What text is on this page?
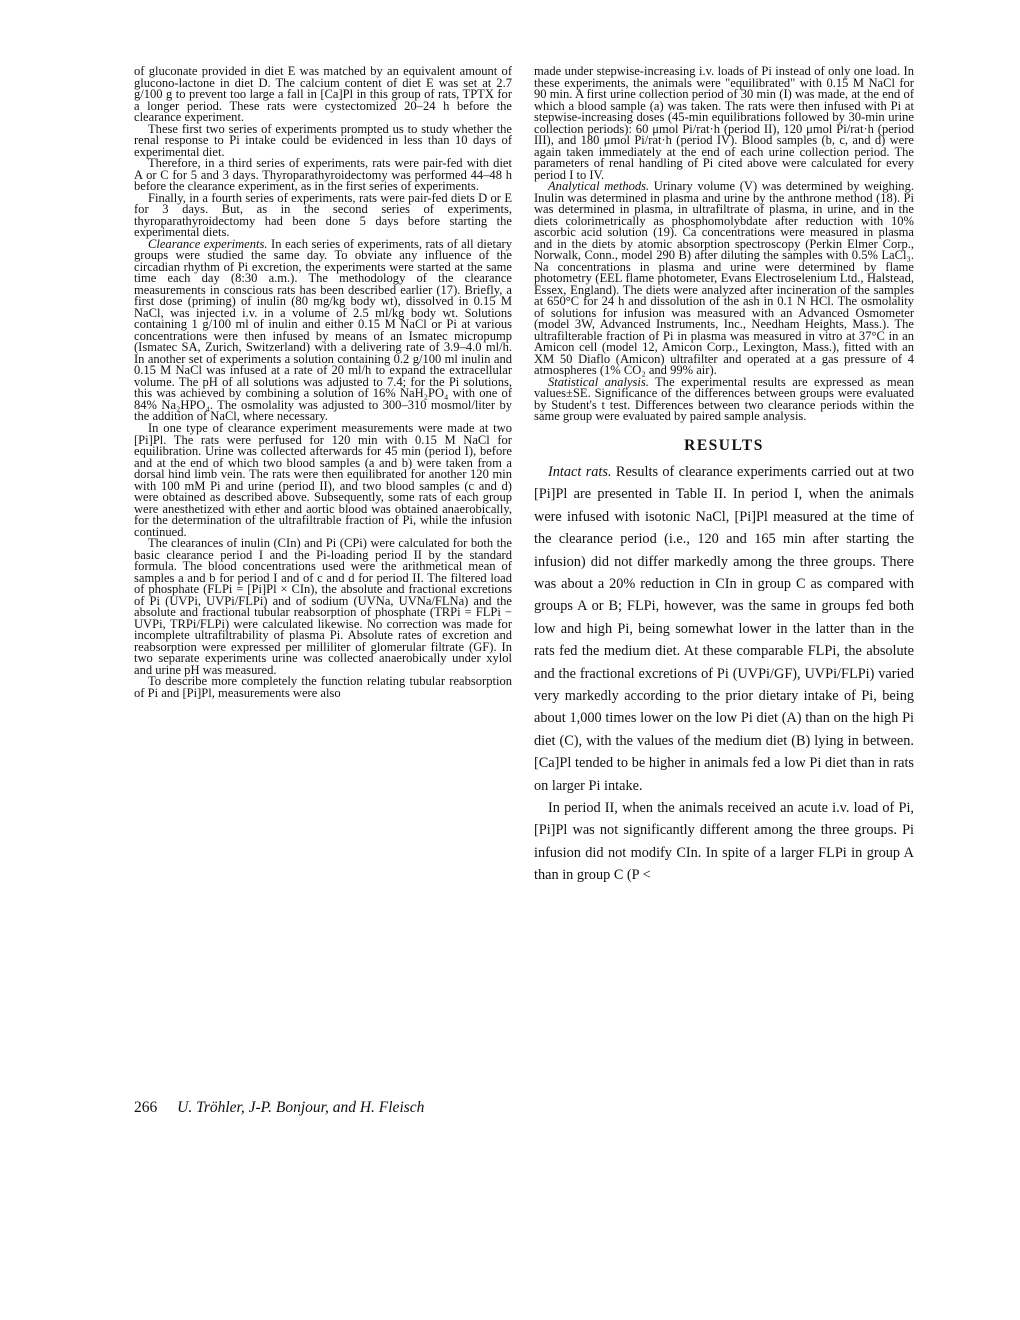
of gluconate provided in diet E was matched by an equivalent amount of glucono-lactone in diet D. The calcium content of diet E was set at 2.7 g/100 g to prevent too large a fall in [Ca]Pl in this group of rats, TPTX for a longer period. These rats were cystectomized 20–24 h before the clearance experiment.

These first two series of experiments prompted us to study whether the renal response to Pi intake could be evidenced in less than 10 days of experimental diet.

Therefore, in a third series of experiments, rats were pair-fed with diet A or C for 5 and 3 days. Thyroparathyroidectomy was performed 44–48 h before the clearance experiment, as in the first series of experiments.

Finally, in a fourth series of experiments, rats were pair-fed diets D or E for 3 days. But, as in the second series of experiments, thyroparathyroidectomy had been done 5 days before starting the experimental diets.

Clearance experiments. In each series of experiments, rats of all dietary groups were studied the same day. To obviate any influence of the circadian rhythm of Pi excretion, the experiments were started at the same time each day (8:30 a.m.). The methodology of the clearance measurements in conscious rats has been described earlier (17). Briefly, a first dose (priming) of inulin (80 mg/kg body wt), dissolved in 0.15 M NaCl, was injected i.v. in a volume of 2.5 ml/kg body wt. Solutions containing 1 g/100 ml of inulin and either 0.15 M NaCl or Pi at various concentrations were then infused by means of an Ismatec micropump (Ismatec SA, Zurich, Switzerland) with a delivering rate of 3.9–4.0 ml/h. In another set of experiments a solution containing 0.2 g/100 ml inulin and 0.15 M NaCl was infused at a rate of 20 ml/h to expand the extracellular volume. The pH of all solutions was adjusted to 7.4; for the Pi solutions, this was achieved by combining a solution of 16% NaH₂PO₄ with one of 84% Na₂HPO₄. The osmolality was adjusted to 300–310 mosmol/liter by the addition of NaCl, where necessary.

In one type of clearance experiment measurements were made at two [Pi]Pl. The rats were perfused for 120 min with 0.15 M NaCl for equilibration. Urine was collected afterwards for 45 min (period I), before and at the end of which two blood samples (a and b) were taken from a dorsal hind limb vein. The rats were then equilibrated for another 120 min with 100 mM Pi and urine (period II), and two blood samples (c and d) were obtained as described above. Subsequently, some rats of each group were anesthetized with ether and aortic blood was obtained anaerobically, for the determination of the ultrafiltrable fraction of Pi, while the infusion continued.

The clearances of inulin (CIn) and Pi (CPi) were calculated for both the basic clearance period I and the Pi-loading period II by the standard formula. The blood concentrations used were the arithmetical mean of samples a and b for period I and of c and d for period II. The filtered load of phosphate (FLPi = [Pi]Pl × CIn), the absolute and fractional excretions of Pi (UVPi, UVPi/FLPi) and of sodium (UVNa, UVNa/FLNa) and the absolute and fractional tubular reabsorption of phosphate (TRPi = FLPi − UVPi, TRPi/FLPi) were calculated likewise. No correction was made for incomplete ultrafiltrability of plasma Pi. Absolute rates of excretion and reabsorption were expressed per milliliter of glomerular filtrate (GF). In two separate experiments urine was collected anaerobically under xylol and urine pH was measured.

To describe more completely the function relating tubular reabsorption of Pi and [Pi]Pl, measurements were also

made under stepwise-increasing i.v. loads of Pi instead of only one load. In these experiments, the animals were "equilibrated" with 0.15 M NaCl for 90 min. A first urine collection period of 30 min (I) was made, at the end of which a blood sample (a) was taken. The rats were then infused with Pi at stepwise-increasing doses (45-min equilibrations followed by 30-min urine collection periods): 60 μmol Pi/rat·h (period II), 120 μmol Pi/rat·h (period III), and 180 μmol Pi/rat·h (period IV). Blood samples (b, c, and d) were again taken immediately at the end of each urine collection period. The parameters of renal handling of Pi cited above were calculated for every period I to IV.

Analytical methods. Urinary volume (V) was determined by weighing. Inulin was determined in plasma and urine by the anthrone method (18). Pi was determined in plasma, in ultrafiltrate of plasma, in urine, and in the diets colorimetrically as phosphomolybdate after reduction with 10% ascorbic acid solution (19). Ca concentrations were measured in plasma and in the diets by atomic absorption spectroscopy (Perkin Elmer Corp., Norwalk, Conn., model 290 B) after diluting the samples with 0.5% LaCl₃. Na concentrations in plasma and urine were determined by flame photometry (EEL flame photometer, Evans Electroselenium Ltd., Halstead, Essex, England). The diets were analyzed after incineration of the samples at 650°C for 24 h and dissolution of the ash in 0.1 N HCl. The osmolality of solutions for infusion was measured with an Advanced Osmometer (model 3W, Advanced Instruments, Inc., Needham Heights, Mass.). The ultrafilterable fraction of Pi in plasma was measured in vitro at 37°C in an Amicon cell (model 12, Amicon Corp., Lexington, Mass.), fitted with an XM 50 Diaflo (Amicon) ultrafilter and operated at a gas pressure of 4 atmospheres (1% CO₂ and 99% air).

Statistical analysis. The experimental results are expressed as mean values±SE. Significance of the differences between groups were evaluated by Student's t test. Differences between two clearance periods within the same group were evaluated by paired sample analysis.

RESULTS

Intact rats. Results of clearance experiments carried out at two [Pi]Pl are presented in Table II. In period I, when the animals were infused with isotonic NaCl, [Pi]Pl measured at the time of the clearance period (i.e., 120 and 165 min after starting the infusion) did not differ markedly among the three groups. There was about a 20% reduction in CIn in group C as compared with groups A or B; FLPi, however, was the same in groups fed both low and high Pi, being somewhat lower in the latter than in the rats fed the medium diet. At these comparable FLPi, the absolute and the fractional excretions of Pi (UVPi/GF), UVPi/FLPi) varied very markedly according to the prior dietary intake of Pi, being about 1,000 times lower on the low Pi diet (A) than on the high Pi diet (C), with the values of the medium diet (B) lying in between. [Ca]Pl tended to be higher in animals fed a low Pi diet than in rats on larger Pi intake.

In period II, when the animals received an acute i.v. load of Pi, [Pi]Pl was not significantly different among the three groups. Pi infusion did not modify CIn. In spite of a larger FLPi in group A than in group C (P <

266 U. Tröhler, J-P. Bonjour, and H. Fleisch
